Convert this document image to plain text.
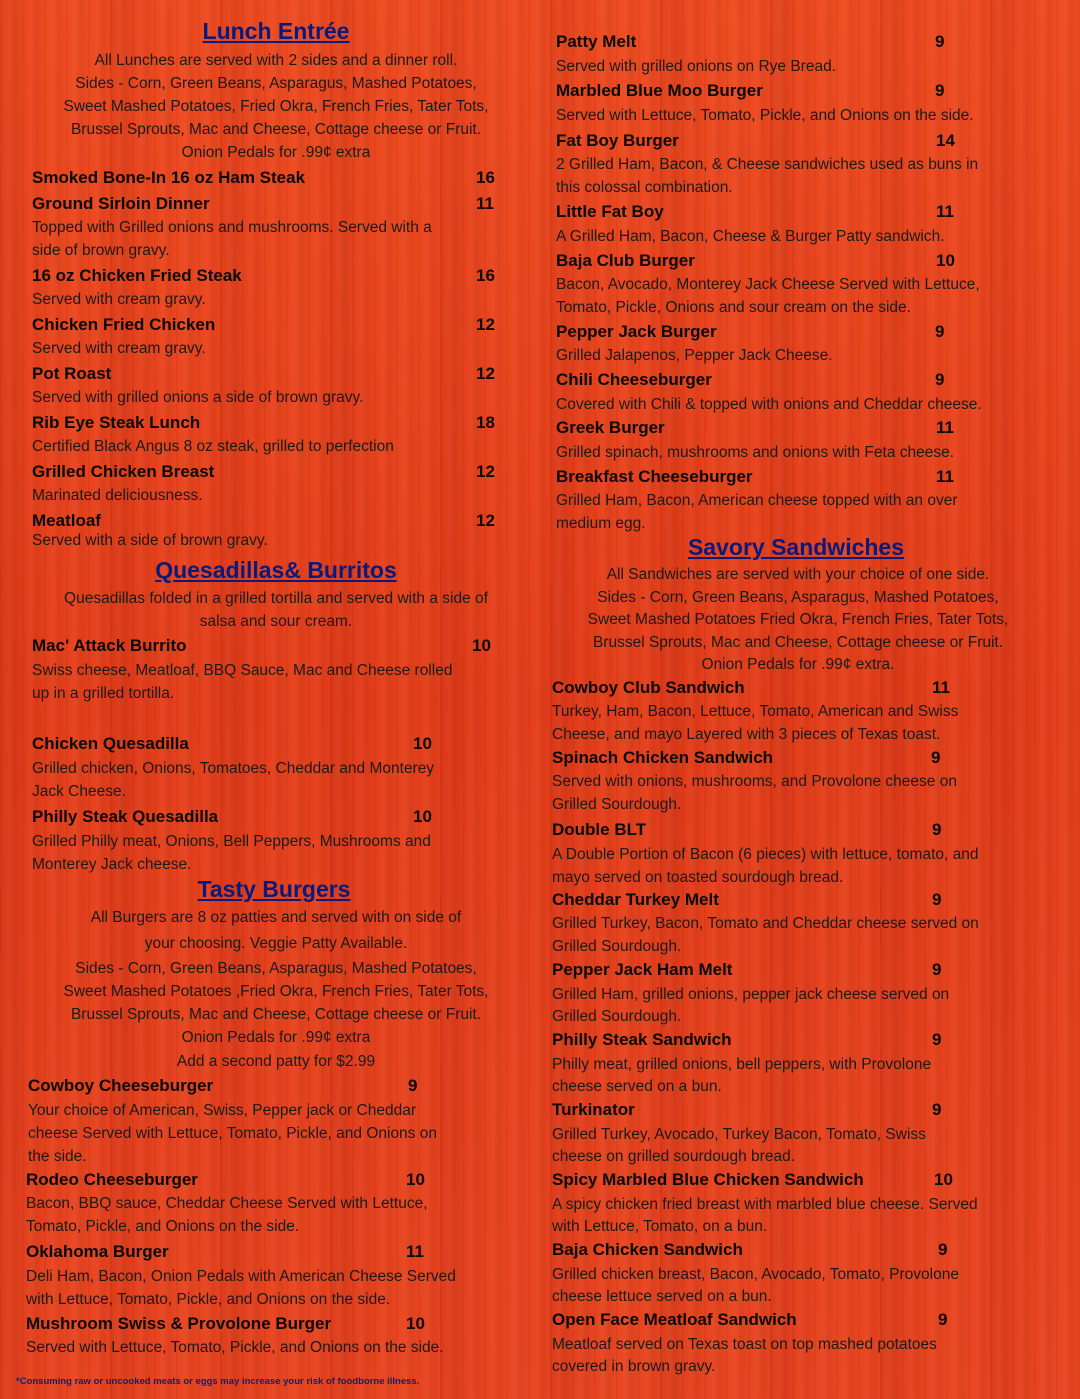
Lunch Entrée
All Lunches are served with 2 sides and a dinner roll.
Sides - Corn, Green Beans, Asparagus, Mashed Potatoes,
Sweet Mashed Potatoes, Fried Okra, French Fries, Tater Tots,
Brussel Sprouts, Mac and Cheese, Cottage cheese or Fruit.
Onion Pedals for .99¢ extra
Smoked Bone-In 16 oz Ham Steak	16
Ground Sirloin Dinner	11
Topped with Grilled onions and mushrooms. Served with a
side of brown gravy.
16 oz Chicken Fried Steak	16
Served with cream gravy.
Chicken Fried Chicken	12
Served with cream gravy.
Pot Roast	12
Served with grilled onions a side of brown gravy.
Rib Eye Steak Lunch	18
Certified Black Angus 8 oz steak, grilled to perfection
Grilled Chicken Breast	12
Marinated deliciousness.
Meatloaf	12
Served with a side of brown gravy.
Quesadillas& Burritos
Quesadillas folded in a grilled tortilla and served with a side of
salsa and sour cream.
Mac' Attack Burrito	10
Swiss cheese, Meatloaf, BBQ Sauce, Mac and Cheese rolled
up in a grilled tortilla.
Chicken Quesadilla	10
Grilled chicken, Onions, Tomatoes, Cheddar and Monterey
Jack Cheese.
Philly Steak Quesadilla	10
Grilled Philly meat, Onions, Bell Peppers, Mushrooms and
Monterey Jack cheese.
Tasty Burgers
All Burgers are 8 oz patties and served with on side of
your choosing. Veggie Patty Available.
Sides - Corn, Green Beans, Asparagus, Mashed Potatoes,
Sweet Mashed Potatoes ,Fried Okra, French Fries, Tater Tots,
Brussel Sprouts, Mac and Cheese, Cottage cheese or Fruit.
Onion Pedals for .99¢ extra
Add a second patty for $2.99
Cowboy Cheeseburger	9
Your choice of American, Swiss, Pepper jack or Cheddar
cheese Served with Lettuce, Tomato, Pickle, and Onions on
the side.
Rodeo Cheeseburger	10
Bacon, BBQ sauce, Cheddar Cheese Served with Lettuce,
Tomato, Pickle, and Onions on the side.
Oklahoma Burger	11
Deli Ham, Bacon, Onion Pedals with American Cheese Served
with Lettuce, Tomato, Pickle, and Onions on the side.
Mushroom Swiss & Provolone Burger	10
Served with Lettuce, Tomato, Pickle, and Onions on the side.
*Consuming raw or uncooked meats or eggs may increase your risk of foodborne illness.
Patty Melt	9
Served with grilled onions on Rye Bread.
Marbled Blue Moo Burger	9
Served with Lettuce, Tomato, Pickle, and Onions on the side.
Fat Boy Burger	14
2 Grilled Ham, Bacon, & Cheese sandwiches used as buns in
this colossal combination.
Little Fat Boy	11
A Grilled Ham, Bacon, Cheese & Burger Patty sandwich.
Baja Club Burger	10
Bacon, Avocado, Monterey Jack Cheese Served with Lettuce,
Tomato, Pickle, Onions and sour cream on the side.
Pepper Jack Burger	9
Grilled Jalapenos, Pepper Jack Cheese.
Chili Cheeseburger	9
Covered with Chili & topped with onions and Cheddar cheese.
Greek Burger	11
Grilled spinach, mushrooms and onions with Feta cheese.
Breakfast Cheeseburger	11
Grilled Ham, Bacon, American cheese topped with an over
medium egg.
Savory Sandwiches
All Sandwiches are served with your choice of one side.
Sides - Corn, Green Beans, Asparagus, Mashed Potatoes,
Sweet Mashed Potatoes Fried Okra, French Fries, Tater Tots,
Brussel Sprouts, Mac and Cheese, Cottage cheese or Fruit.
Onion Pedals for .99¢ extra.
Cowboy Club Sandwich	11
Turkey, Ham, Bacon, Lettuce, Tomato, American and Swiss
Cheese, and mayo Layered with 3 pieces of Texas toast.
Spinach Chicken Sandwich	9
Served with onions, mushrooms, and Provolone cheese on
Grilled Sourdough.
Double BLT	9
A Double Portion of Bacon (6 pieces) with lettuce, tomato, and
mayo served on toasted sourdough bread.
Cheddar Turkey Melt	9
Grilled Turkey, Bacon, Tomato and Cheddar cheese served on
Grilled Sourdough.
Pepper Jack Ham Melt	9
Grilled Ham, grilled onions, pepper jack cheese served on
Grilled Sourdough.
Philly Steak Sandwich	9
Philly meat, grilled onions, bell peppers, with Provolone
cheese served on a bun.
Turkinator	9
Grilled Turkey, Avocado, Turkey Bacon, Tomato, Swiss
cheese on grilled sourdough bread.
Spicy Marbled Blue Chicken Sandwich	10
A spicy chicken fried breast with marbled blue cheese. Served
with Lettuce, Tomato, on a bun.
Baja Chicken Sandwich	9
Grilled chicken breast, Bacon, Avocado, Tomato, Provolone
cheese lettuce served on a bun.
Open Face Meatloaf Sandwich	9
Meatloaf served on Texas toast on top mashed potatoes
covered in brown gravy.
